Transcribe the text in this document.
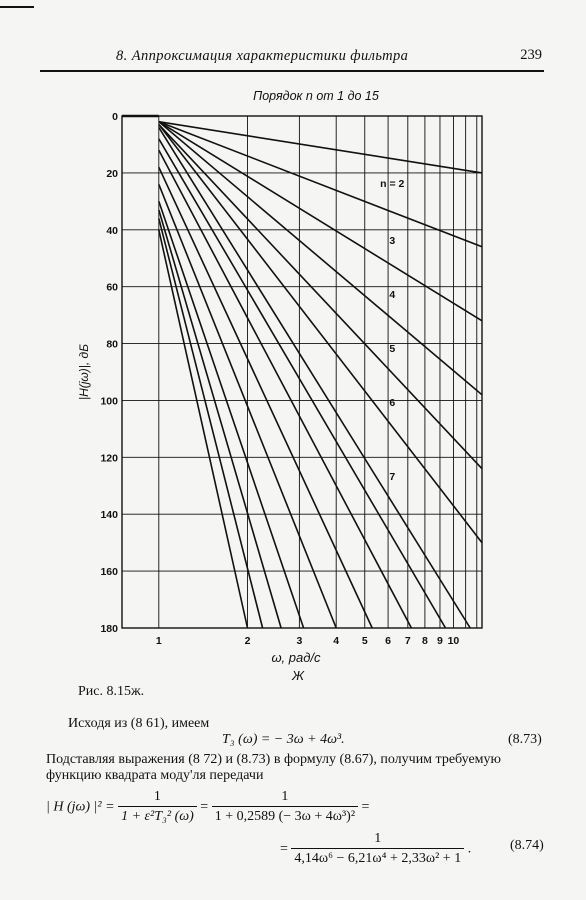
8. Аппроксимация характеристики фильтра	239
0
20
40
60
80
100
120
140
160
180
1	2	3	4 5 6 7 8 9 10
n = 2
3
4
5
6
7
Порядок n от 1 до 15
ω, рад/с
Ж
|H(jω)|, дБ
Рис. 8.15ж.
Исходя из (8 61), имеем
T₃ (ω) = − 3ω + 4ω³.	(8.73)
Подставляя выражения (8 72) и (8.73) в формулу (8.67), получим требуемую
функцию квадрата моду'ля передачи
| H (jω) $|^2 = \frac{1}{\text{1 + ε²T₃² (ω)}} = \frac{1}{\text{1 + 0,2589 (− 3ω + 4ω³)²}}$ =
= $\frac{1}{\text{4,14ω⁶ − 6,21ω⁴ + 2,33ω² + 1}}$ .	(8.74)
